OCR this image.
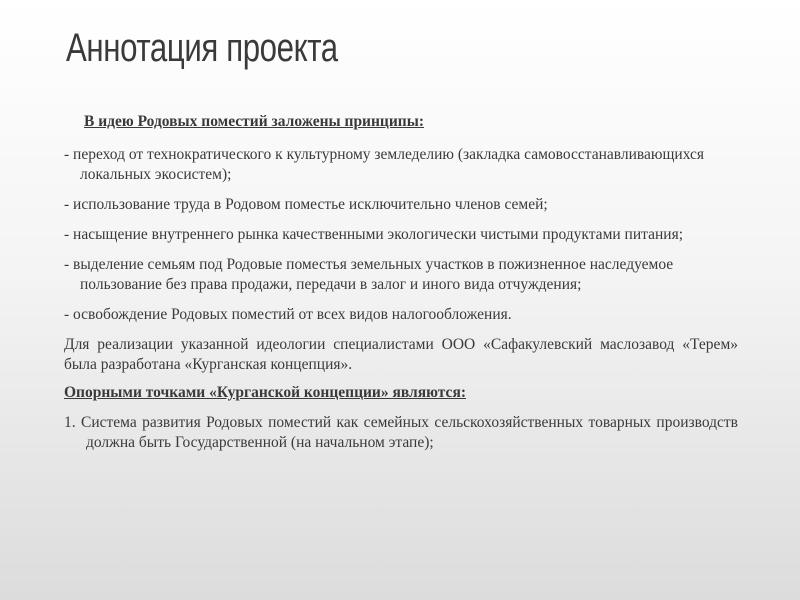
Аннотация проекта
В идею Родовых поместий заложены принципы:
- переход от технократического к культурному земледелию (закладка самовосстанавливающихся локальных экосистем);
- использование труда в Родовом поместье исключительно членов семей;
- насыщение внутреннего рынка качественными экологически чистыми продуктами питания;
- выделение семьям под Родовые поместья земельных участков в пожизненное наследуемое пользование без права продажи, передачи в залог и иного вида отчуждения;
- освобождение Родовых поместий от всех видов налогообложения.
Для реализации указанной идеологии специалистами ООО «Сафакулевский маслозавод «Терем» была разработана «Курганская концепция».
Опорными точками «Курганской концепции» являются:
1. Система развития Родовых поместий как семейных сельскохозяйственных товарных производств должна быть Государственной (на начальном этапе);
